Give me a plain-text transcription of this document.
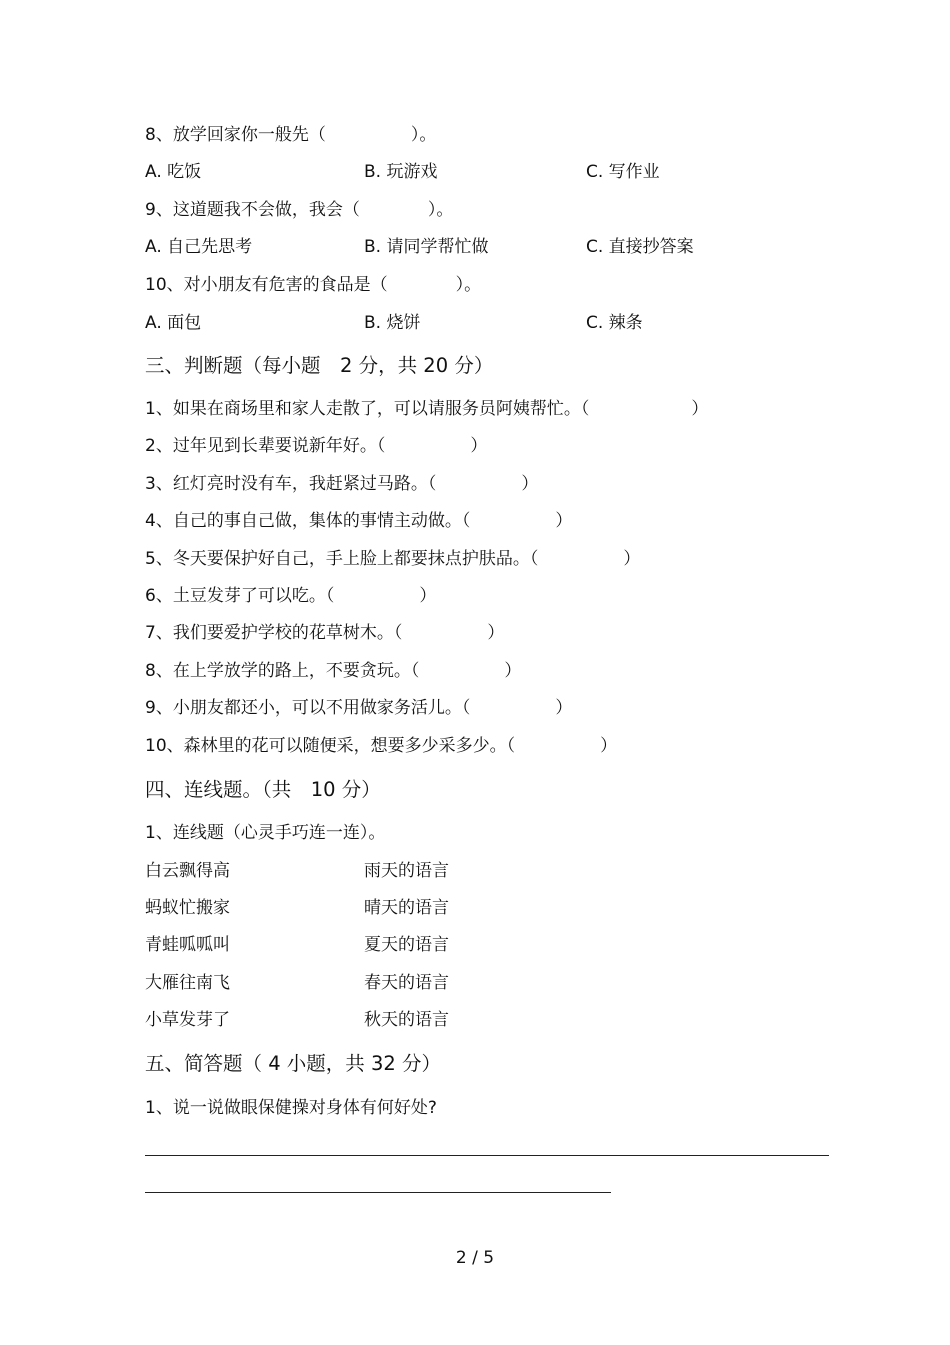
8、放学回家你一般先（　　　　　）。
A. 吃饭	B. 玩游戏	C. 写作业
9、这道题我不会做，我会（　　　　）。
A. 自己先思考	B. 请同学帮忙做	C. 直接抄答案
10、对小朋友有危害的食品是（　　　　）。
A. 面包	B. 烧饼	C. 辣条
三、判断题（每小题　2 分，共 20 分）
1、如果在商场里和家人走散了，可以请服务员阿姨帮忙。（　　　　　　）
2、过年见到长辈要说新年好。（　　　　　）
3、红灯亮时没有车，我赶紧过马路。（　　　　　）
4、自己的事自己做，集体的事情主动做。（　　　　　）
5、冬天要保护好自己，手上脸上都要抹点护肤品。（　　　　　）
6、土豆发芽了可以吃。（　　　　　）
7、我们要爱护学校的花草树木。（　　　　　）
8、在上学放学的路上，不要贪玩。（　　　　　）
9、小朋友都还小，可以不用做家务活儿。（　　　　　）
10、森林里的花可以随便采，想要多少采多少。（　　　　　）
四、连线题。（共　10 分）
1、连线题（心灵手巧连一连）。
白云飘得高	雨天的语言
蚂蚁忙搬家	晴天的语言
青蛙呱呱叫	夏天的语言
大雁往南飞	春天的语言
小草发芽了	秋天的语言
五、简答题（ 4 小题，共 32 分）
1、说一说做眼保健操对身体有何好处?
2 / 5
